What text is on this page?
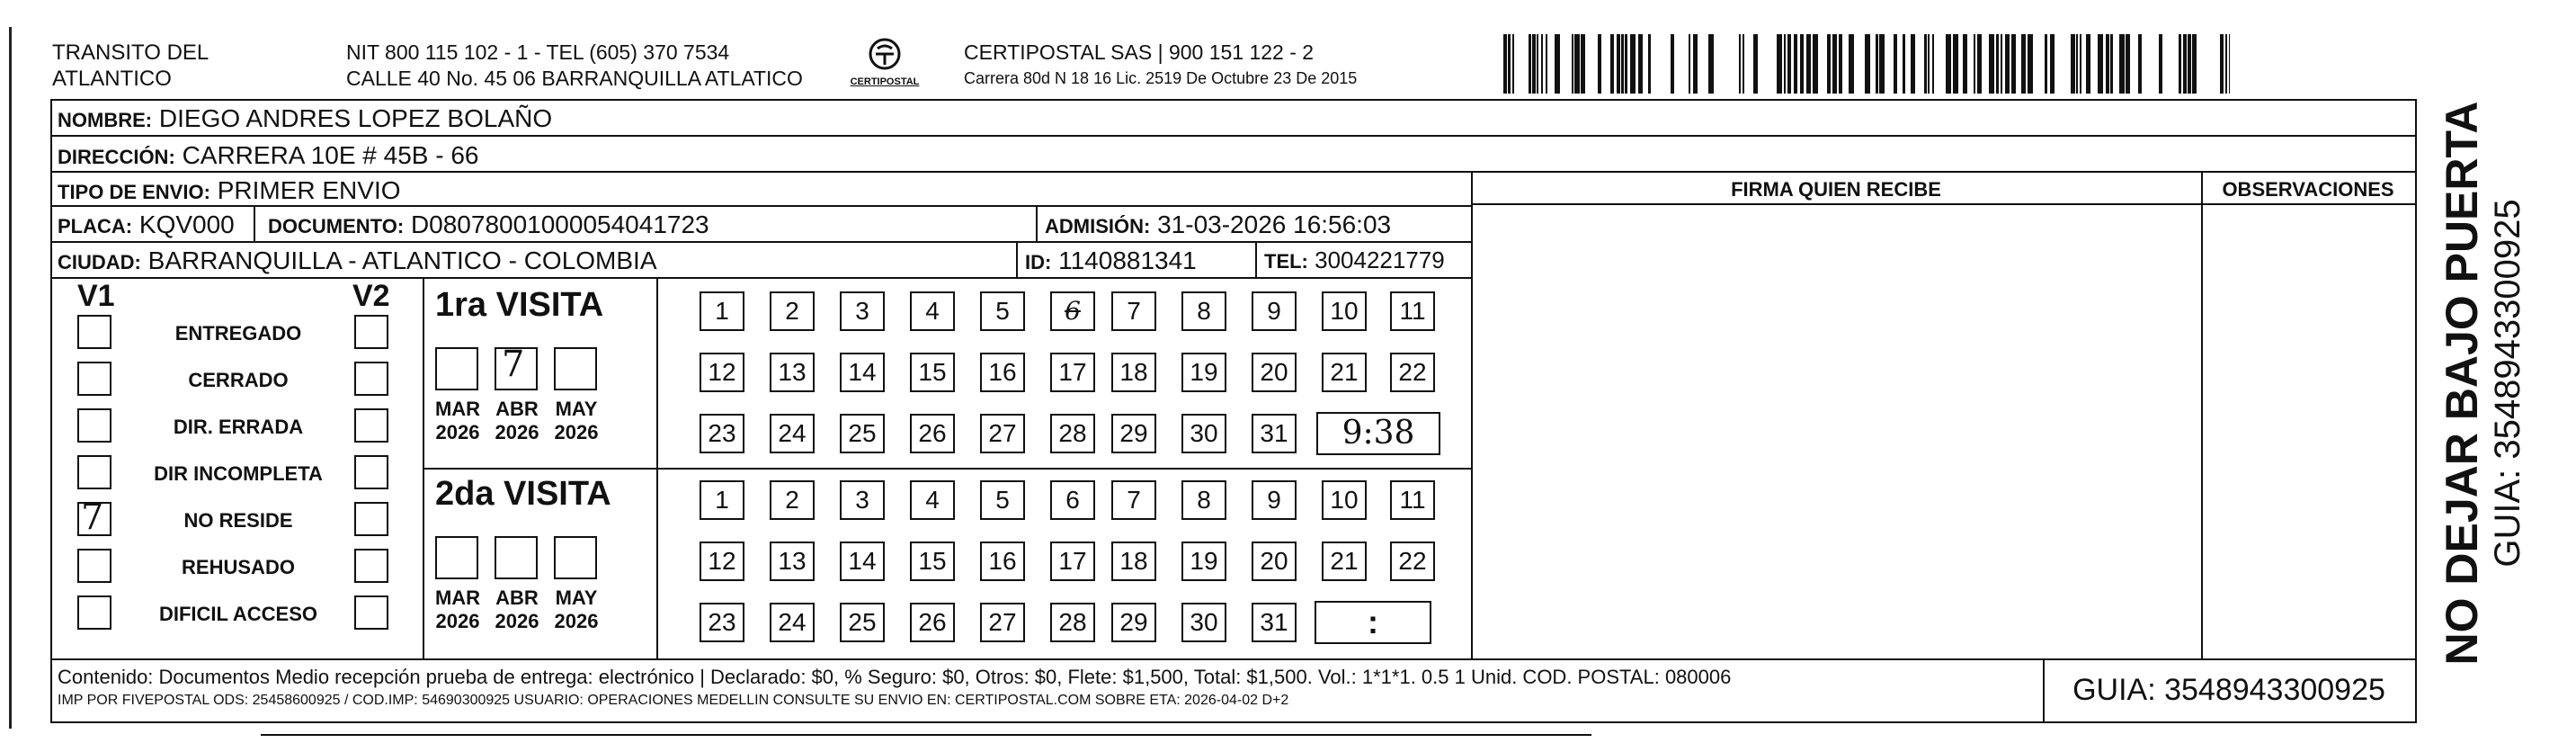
TRANSITO DEL
ATLANTICO
NIT 800 115 102 - 1 - TEL (605) 370 7534
CALLE 40 No. 45 06 BARRANQUILLA ATLATICO	CERTIPOSTAL
CERTIPOSTAL SAS | 900 151 122 - 2
Carrera 80d N 18 16 Lic. 2519 De Octubre 23 De 2015
NOMBRE: DIEGO ANDRES LOPEZ BOLAÑO
DIRECCIÓN: CARRERA 10E # 45B - 66
TIPO DE ENVIO: PRIMER ENVIO
PLACA: KQV000	DOCUMENTO: D08078001000054041723	ADMISIÓN: 31-03-2026 16:56:03
CIUDAD: BARRANQUILLA - ATLANTICO - COLOMBIA	ID: 1140881341	TEL: 3004221779
FIRMA QUIEN RECIBE	OBSERVACIONES
V1	V2
ENTREGADO
CERRADO
DIR. ERRADA
DIR INCOMPLETA
7	NO RESIDE
REHUSADO
DIFICIL ACCESO
1ra VISITA
2da VISITA
MAR
2026
7
ABR
2026
MAY
2026
1	2	3	4	5	6	7	8	9	10	11
12	13	14	15	16	17	18	19	20	21	22
23	24	25	26	27	28	29	30	31	9:38
MAR
2026
ABR
2026
MAY
2026
1	2	3	4	5	6	7	8	9	10	11
12	13	14	15	16	17	18	19	20	21	22
23	24	25	26	27	28	29	30	31	:
Contenido: Documentos Medio recepción prueba de entrega: electrónico | Declarado: $0, % Seguro: $0, Otros: $0, Flete: $1,500, Total: $1,500. Vol.: 1*1*1. 0.5 1 Unid. COD. POSTAL: 080006
IMP POR FIVEPOSTAL ODS: 25458600925 / COD.IMP: 54690300925 USUARIO: OPERACIONES MEDELLIN CONSULTE SU ENVIO EN: CERTIPOSTAL.COM SOBRE ETA: 2026-04-02 D+2	GUIA: 3548943300925
NO DEJAR BAJO PUERTA GUIA: 3548943300925
